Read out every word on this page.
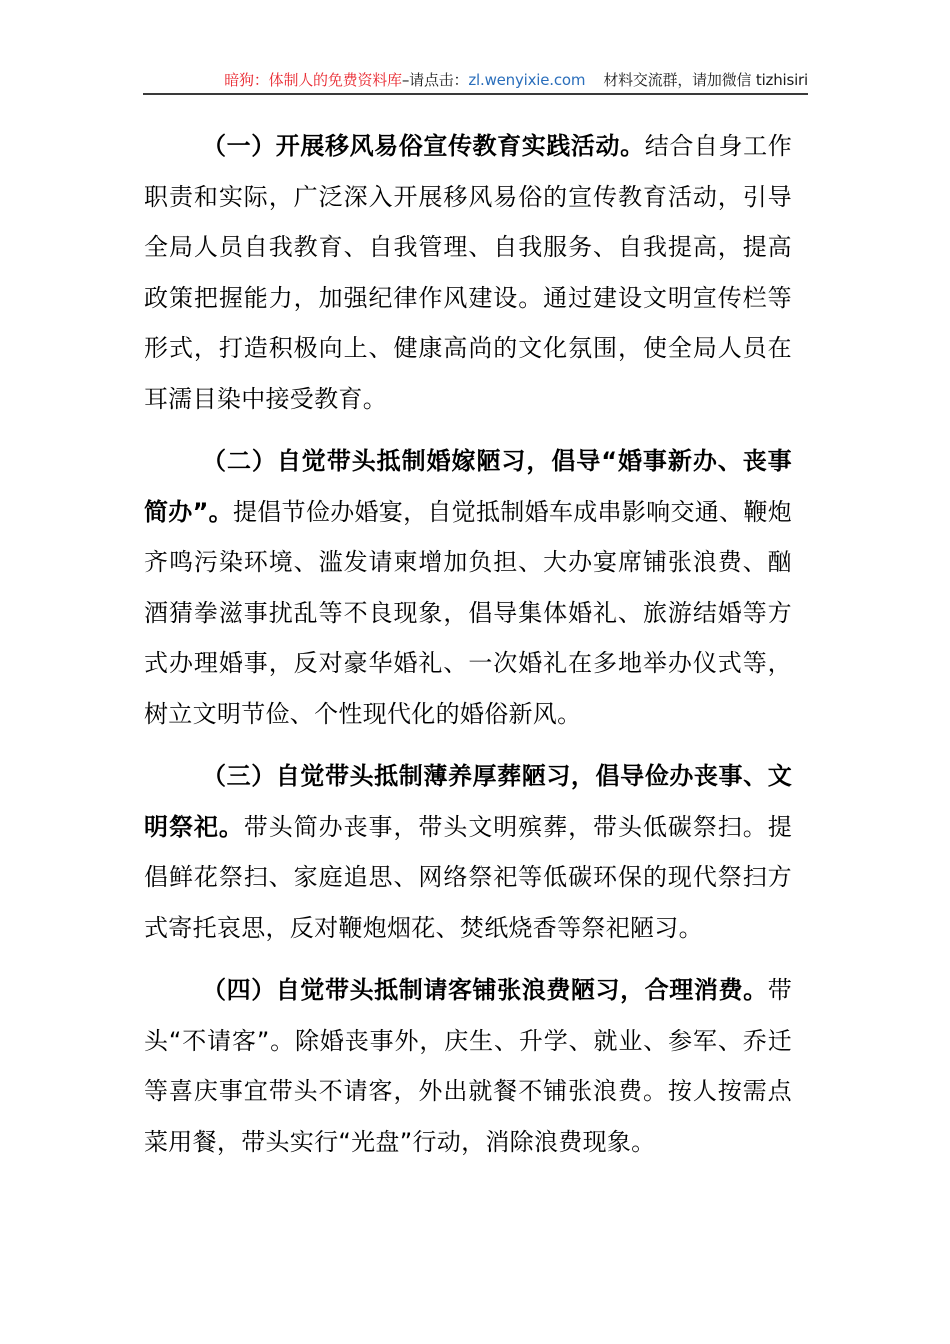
暗狗：体制人的免费资料库–请点击：zl.wenyixie.com 材料交流群，请加微信 tizhisiri

（一）开展移风易俗宣传教育实践活动。结合自身工作职责和实际，广泛深入开展移风易俗的宣传教育活动，引导全局人员自我教育、自我管理、自我服务、自我提高，提高政策把握能力，加强纪律作风建设。通过建设文明宣传栏等形式，打造积极向上、健康高尚的文化氛围，使全局人员在耳濡目染中接受教育。

（二）自觉带头抵制婚嫁陋习，倡导“婚事新办、丧事简办”。提倡节俭办婚宴，自觉抵制婚车成串影响交通、鞭炮齐鸣污染环境、滥发请柬增加负担、大办宴席铺张浪费、酗酒猜拳滋事扰乱等不良现象，倡导集体婚礼、旅游结婚等方式办理婚事，反对豪华婚礼、一次婚礼在多地举办仪式等，树立文明节俭、个性现代化的婚俗新风。

（三）自觉带头抵制薄养厚葬陋习，倡导俭办丧事、文明祭祀。带头简办丧事，带头文明殡葬，带头低碳祭扫。提倡鲜花祭扫、家庭追思、网络祭祀等低碳环保的现代祭扫方式寄托哀思，反对鞭炮烟花、焚纸烧香等祭祀陋习。

（四）自觉带头抵制请客铺张浪费陋习，合理消费。带头“不请客”。除婚丧事外，庆生、升学、就业、参军、乔迁等喜庆事宜带头不请客，外出就餐不铺张浪费。按人按需点菜用餐，带头实行“光盘”行动，消除浪费现象。
